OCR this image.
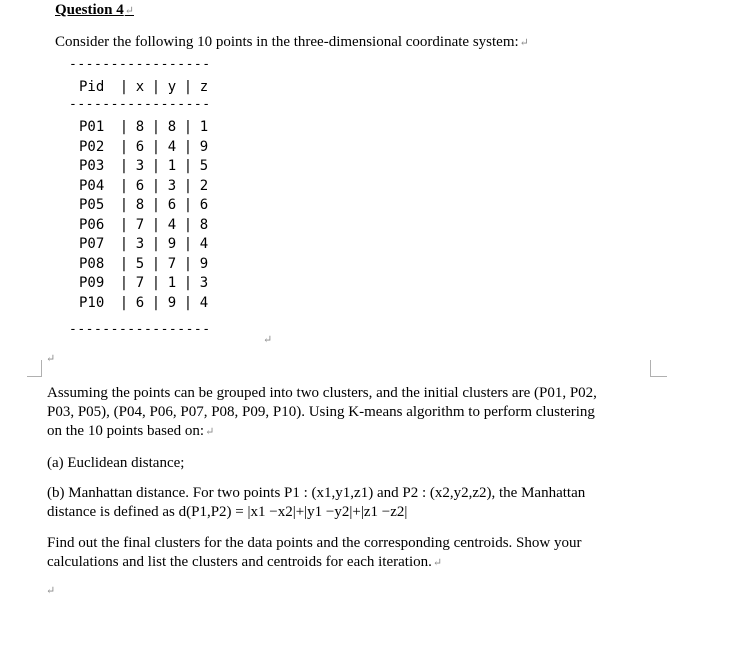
Question 4↵
Consider the following 10 points in the three-dimensional coordinate system:↵
-----------------
Pid | x | y | z
-----------------
P01 | 8 | 8 | 1
P02 | 6 | 4 | 9
P03 | 3 | 1 | 5
P04 | 6 | 3 | 2
P05 | 8 | 6 | 6
P06 | 7 | 4 | 8
P07 | 3 | 9 | 4
P08 | 5 | 7 | 9
P09 | 7 | 1 | 3
P10 | 6 | 9 | 4
-----------------
↵
↵
Assuming the points can be grouped into two clusters, and the initial clusters are (P01, P02,
P03, P05), (P04, P06, P07, P08, P09, P10). Using K-means algorithm to perform clustering
on the 10 points based on:↵
(a) Euclidean distance;
(b) Manhattan distance. For two points P1 : (x1,y1,z1) and P2 : (x2,y2,z2), the Manhattan
distance is defined as d(P1,P2) = |x1 −x2|+|y1 −y2|+|z1 −z2|
Find out the final clusters for the data points and the corresponding centroids. Show your
calculations and list the clusters and centroids for each iteration.↵
↵
